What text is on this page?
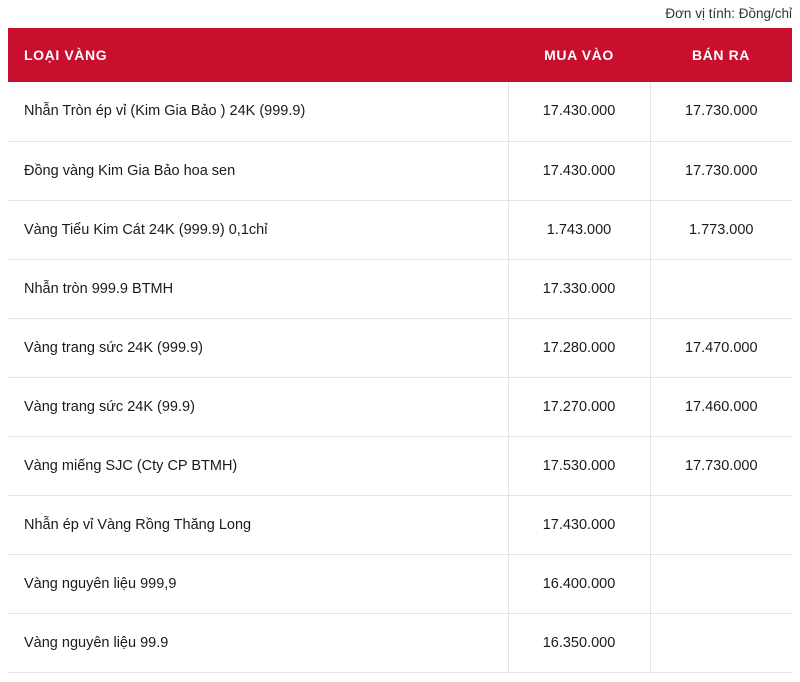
Đơn vị tính: Đồng/chỉ
LOẠI VÀNG	MUA VÀO	BÁN RA
Nhẫn Tròn ép vỉ (Kim Gia Bảo ) 24K (999.9)	17.430.000	17.730.000
Đồng vàng Kim Gia Bảo hoa sen	17.430.000	17.730.000
Vàng Tiểu Kim Cát 24K (999.9) 0,1chỉ	1.743.000	1.773.000
Nhẫn tròn 999.9 BTMH	17.330.000	
Vàng trang sức 24K (999.9)	17.280.000	17.470.000
Vàng trang sức 24K (99.9)	17.270.000	17.460.000
Vàng miếng SJC (Cty CP BTMH)	17.530.000	17.730.000
Nhẫn ép vỉ Vàng Rồng Thăng Long	17.430.000	
Vàng nguyên liệu 999,9	16.400.000	
Vàng nguyên liệu 99.9	16.350.000	
